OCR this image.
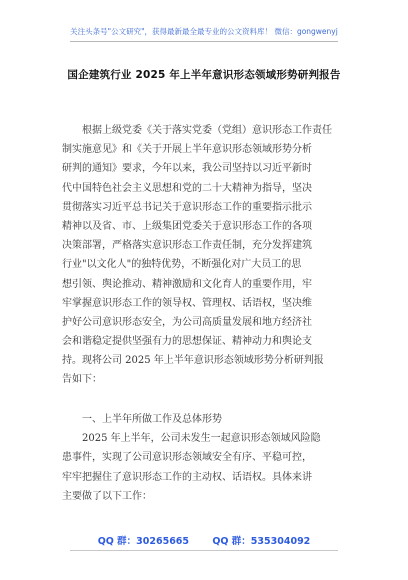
关注头条号"公文研究"，获得最新最全最专业的公文资料库！ 微信：gongwenyj
国企建筑行业 2025 年上半年意识形态领域形势研判报告
根据上级党委《关于落实党委（党组）意识形态工作责任
制实施意见》和《关于开展上半年意识形态领域形势分析
研判的通知》要求，今年以来，我公司坚持以习近平新时
代中国特色社会主义思想和党的二十大精神为指导，坚决
贯彻落实习近平总书记关于意识形态工作的重要指示批示
精神以及省、市、上级集团党委关于意识形态工作的各项
决策部署，严格落实意识形态工作责任制，充分发挥建筑
行业"以文化人"的独特优势，不断强化对广大员工的思
想引领、舆论推动、精神激励和文化育人的重要作用，牢
牢掌握意识形态工作的领导权、管理权、话语权，坚决维
护好公司意识形态安全，为公司高质量发展和地方经济社
会和谐稳定提供坚强有力的思想保证、精神动力和舆论支
持。现将公司 2025 年上半年意识形态领域形势分析研判报
告如下：
一、上半年所做工作及总体形势
2025 年上半年，公司未发生一起意识形态领域风险隐
患事件，实现了公司意识形态领域安全有序、平稳可控，
牢牢把握住了意识形态工作的主动权、话语权。具体来讲
主要做了以下工作：
QQ 群：30265665 QQ 群：535304092
